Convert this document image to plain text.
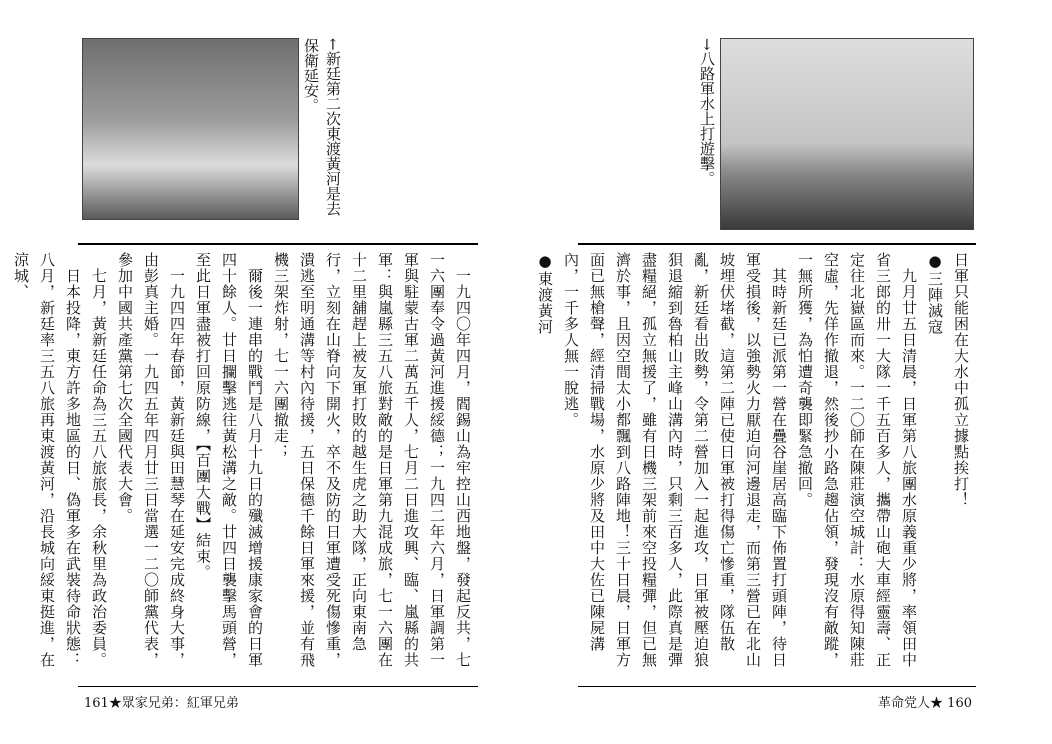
←新廷第二次東渡黃河是去保衛延安。	→八路軍水上打遊擊。
日軍只能困在大水中孤立據點挨打！
●三陣滅寇
　九月廿五日清晨，日軍第八旅團水原義重少將，率領田中省三郎的卅一大隊一千五百多人，攜帶山砲大車經靈壽、正定往北嶽區而來。一二〇師在陳莊演空城計：水原得知陳莊空虛，先佯作撤退，然後抄小路急趨佔領，發現沒有敵蹤，一無所獲，為怕遭奇襲即緊急撤回。
　其時新廷已派第一營在疊谷崖居高臨下佈置打頭陣，待日軍受損後，以強勢火力厭迫向河邊退走，而第三營已在北山坡埋伏堵截，這第二陣已使日軍被打得傷亡慘重，隊伍散亂，新廷看出敗勢，令第二營加入一起進攻，日軍被壓迫狼狽退縮到魯柏山主峰山溝內時，只剩三百多人，此際真是彈盡糧絕，孤立無援了，雖有日機三架前來空投糧彈，但已無濟於事，且因空間太小都飄到八路陣地！三十日晨，日軍方面已無槍聲，經清掃戰場，水原少將及田中大佐已陳屍溝內，一千多人無一脫逃。
●東渡黃河
　一九四〇年四月，閻錫山為牢控山西地盤，發起反共，七一六團奉令過黃河進援綏德；一九四二年六月，日軍調第一軍與駐蒙古軍二萬五千人，七月二日進攻興、臨、嵐縣的共軍：與嵐縣三五八旅對敵的是日軍第九混成旅，七一六團在十二里舖趕上被友軍打敗的越生虎之助大隊，正向東南急行，立刻在山脊向下開火，卒不及防的日軍遭受死傷慘重，潰逃至明通溝等村內待援，五日保德千餘日軍來援，並有飛機三架炸射，七一六團撤走；
　爾後一連串的戰鬥是八月十九日的殲滅增援康家會的日軍四十餘人。廿日攔擊逃往黃松溝之敵。廿四日襲擊馬頭營，至此日軍盡被打回原防線，【百團大戰】結束。
　一九四四年春節，黃新廷與田慧琴在延安完成終身大事，由彭真主婚。一九四五年四月廿三日當選一二〇師黨代表，參加中國共產黨第七次全國代表大會。
　七月，黃新廷任命為三五八旅旅長，余秋里為政治委員。
　日本投降，東方許多地區的日、偽軍多在武裝待命狀態：八月，新廷率三五八旅再東渡黃河，沿長城向綏東挺進，在涼城、
161★眾家兄弟：紅軍兄弟	革命党人★ 160
